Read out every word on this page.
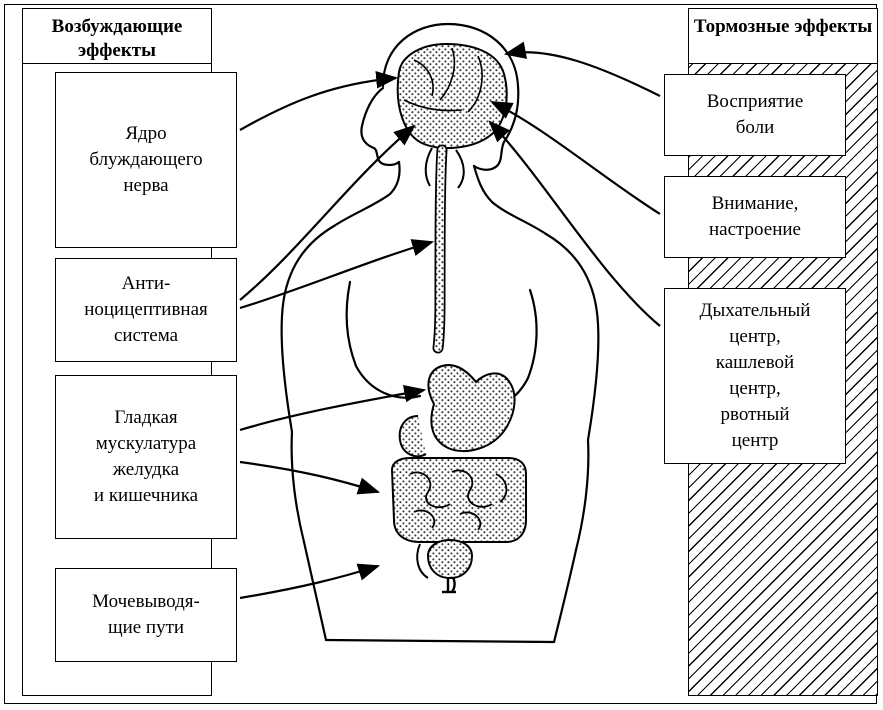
Возбуждающие эффекты
Ядро
блуждающего
нерва
Анти-
ноцицептивная
система
Гладкая
мускулатура
желудка
и кишечника
Мочевыводя-
щие пути
Тормозные эффекты
Восприятие
боли
Внимание,
настроение
Дыхательный
центр,
кашлевой
центр,
рвотный
центр
